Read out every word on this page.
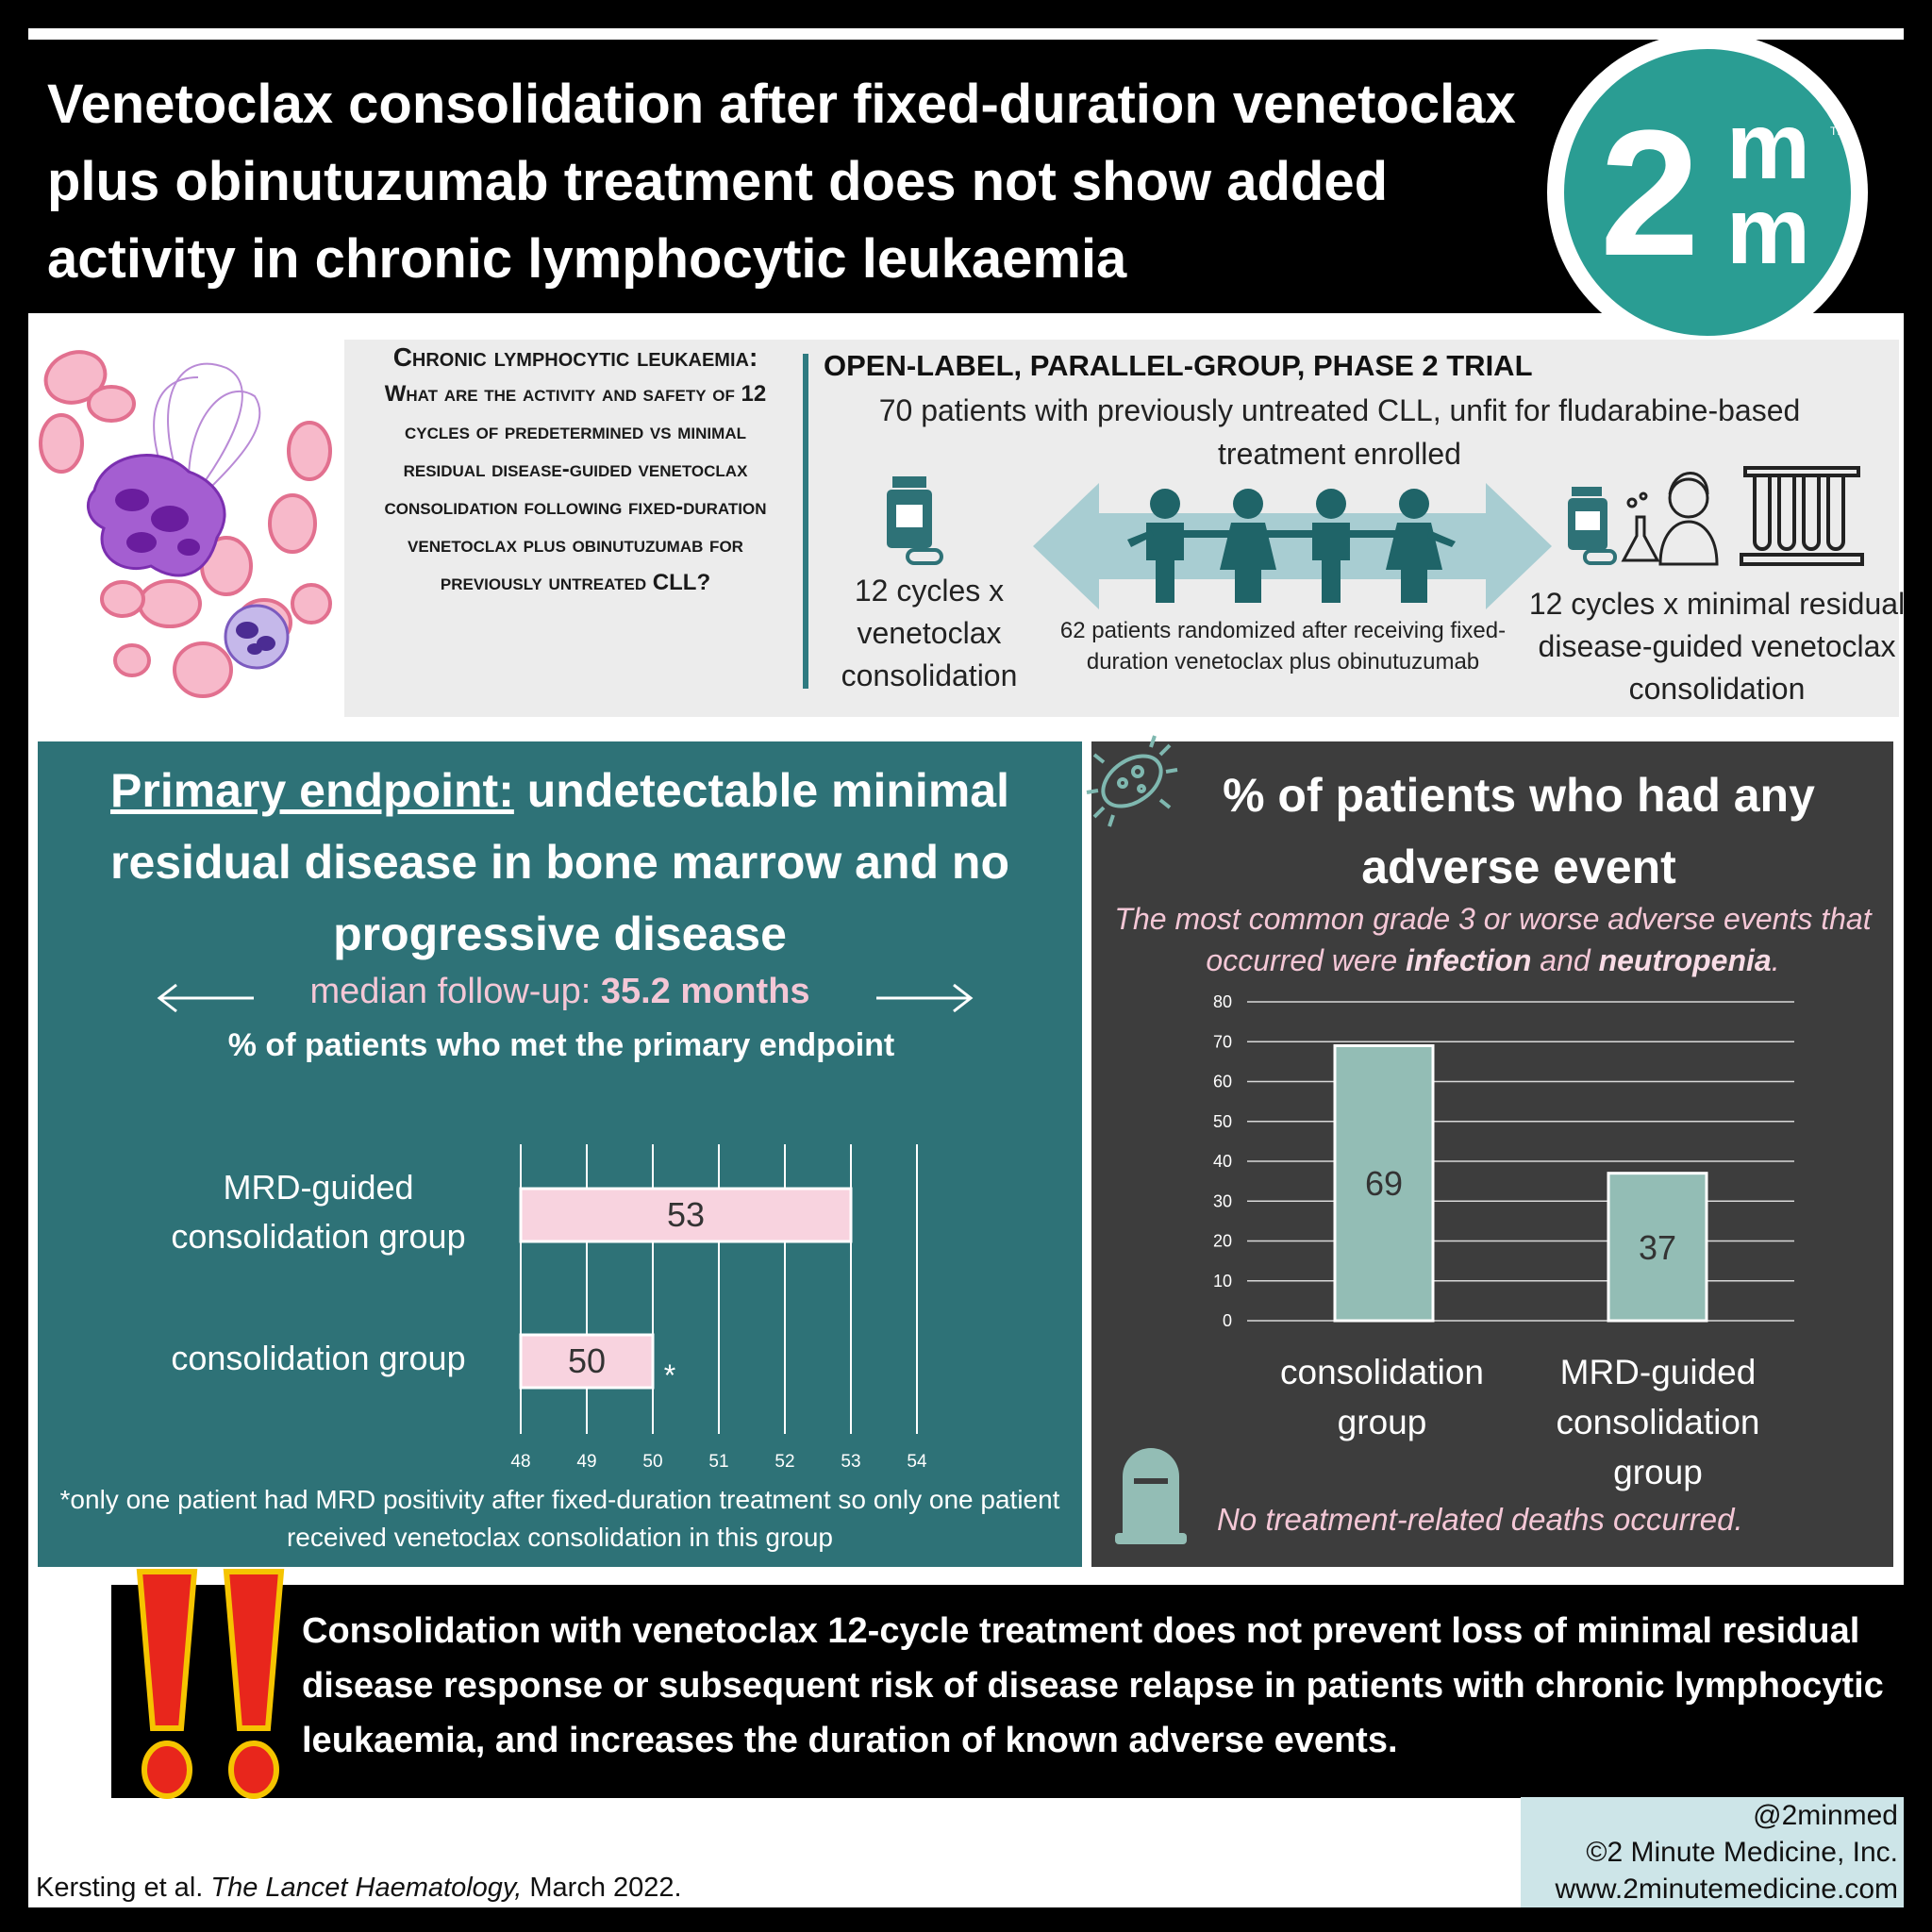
Venetoclax consolidation after fixed-duration venetoclax plus obinutuzumab treatment does not show added activity in chronic lymphocytic leukaemia	2 m
m
TM
Chronic lymphocytic leukaemia:
What are the activity and safety of 12 cycles of predetermined vs minimal residual disease-guided venetoclax consolidation following fixed-duration venetoclax plus obinutuzumab for previously untreated CLL?
OPEN-LABEL, PARALLEL-GROUP, PHASE 2 TRIAL
70 patients with previously untreated CLL, unfit for fludarabine-based treatment enrolled
12 cycles x venetoclax consolidation
62 patients randomized after receiving fixed-duration venetoclax plus obinutuzumab
12 cycles x minimal residual disease-guided venetoclax consolidation
Primary endpoint: undetectable minimal residual disease in bone marrow and no progressive disease
median follow-up: 35.2 months
% of patients who met the primary endpoint
MRD-guided consolidation group
consolidation group
48	49	50	51	52	53	54
53
50 *
*only one patient had MRD positivity after fixed-duration treatment so only one patient received venetoclax consolidation in this group
% of patients who had any adverse event
The most common grade 3 or worse adverse events that occurred were infection and neutropenia.
0
10
20
30
40
50
60
70
80
69
37
consolidation group
MRD-guided consolidation group
No treatment-related deaths occurred.
Consolidation with venetoclax 12-cycle treatment does not prevent loss of minimal residual disease response or subsequent risk of disease relapse in patients with chronic lymphocytic leukaemia, and increases the duration of known adverse events.
Kersting et al. The Lancet Haematology, March 2022.
@2minmed
©2 Minute Medicine, Inc.
www.2minutemedicine.com
